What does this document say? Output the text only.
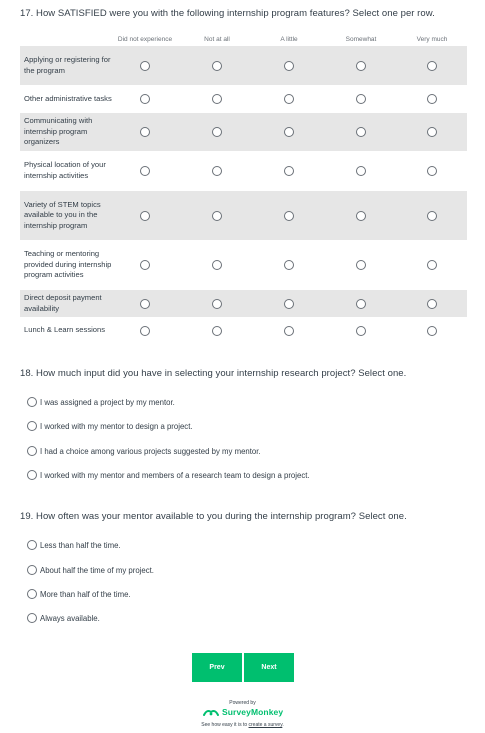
17. How SATISFIED were you with the following internship program features? Select one per row.
Did not experience	Not at all	A little	Somewhat	Very much
Applying or registering for the program
Other administrative tasks
Communicating with internship program organizers
Physical location of your internship activities
Variety of STEM topics available to you in the internship program
Teaching or mentoring provided during internship program activities
Direct deposit payment availability
Lunch & Learn sessions
18. How much input did you have in selecting your internship research project? Select one.
I was assigned a project by my mentor.
I worked with my mentor to design a project.
I had a choice among various projects suggested by my mentor.
I worked with my mentor and members of a research team to design a project.
19. How often was your mentor available to you during the internship program? Select one.
Less than half the time.
About half the time of my project.
More than half of the time.
Always available.
Prev	Next
Powered by
SurveyMonkey
See how easy it is to create a survey.
